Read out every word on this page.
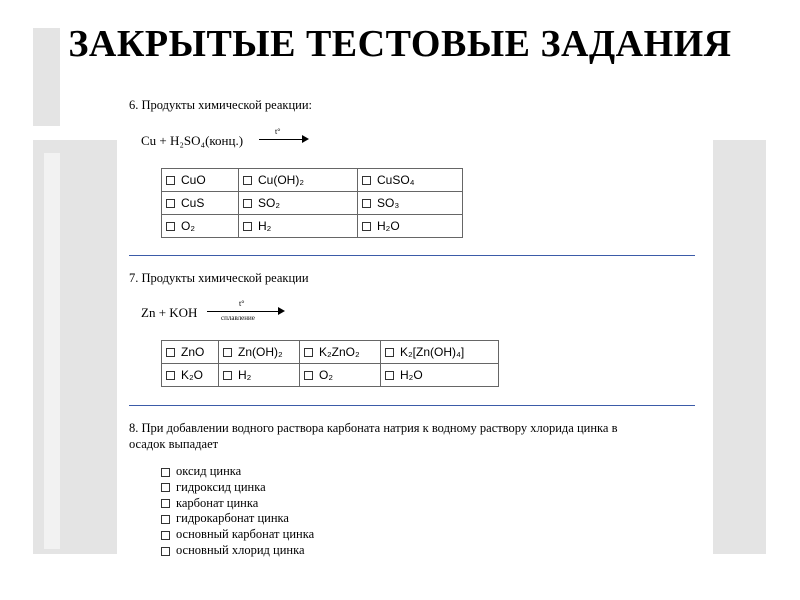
ЗАКРЫТЫЕ ТЕСТОВЫЕ ЗАДАНИЯ
6. Продукты химической реакции:
Cu + H₂SO₄(конц.)
t°
CuO	Cu(OH)₂	CuSO₄
CuS	SO₂	SO₃
O₂	H₂	H₂O
7. Продукты химической реакции
Zn + KOH
t°
сплавление
ZnO	Zn(OH)₂	K₂ZnO₂	K₂[Zn(OH)₄]
K₂O	H₂	O₂	H₂O
8. При добавлении водного раствора карбоната натрия к водному раствору хлорида цинка в
осадок выпадает
оксид цинка
гидроксид цинка
карбонат цинка
гидрокарбонат цинка
основный карбонат цинка
основный хлорид цинка
